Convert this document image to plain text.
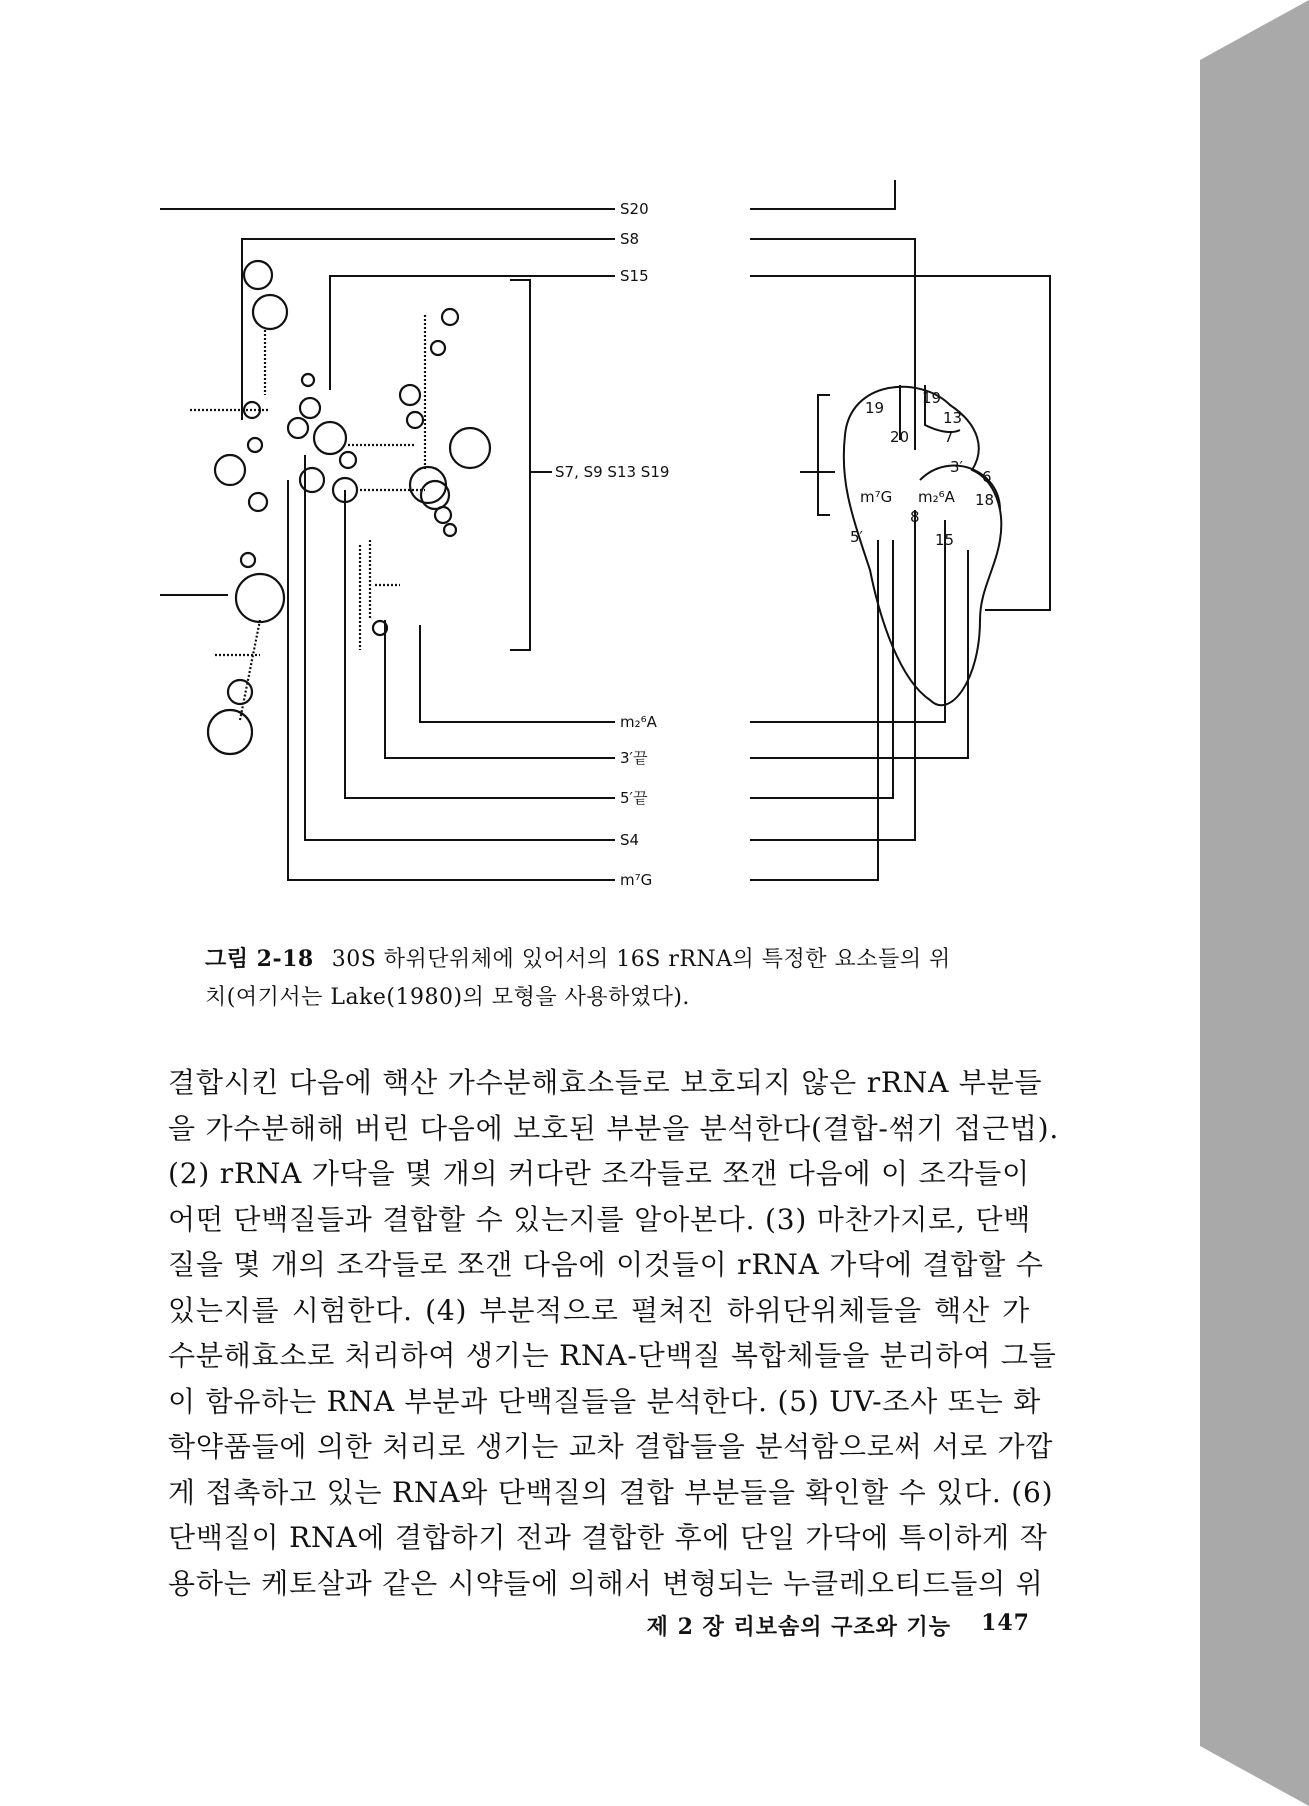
S20
S8
S15
S7, S9 S13 S19
m₂⁶A
3′끝
5′끝
S4
m⁷G
19
19
13
20 7
3′
6
m⁷G m₂⁶A 18
8
5′	15
그림 2-18 30S 하위단위체에 있어서의 16S rRNA의 특정한 요소들의 위
치(여기서는 Lake(1980)의 모형을 사용하였다).

결합시킨 다음에 핵산 가수분해효소들로 보호되지 않은 rRNA 부분들

을 가수분해해 버린 다음에 보호된 부분을 분석한다(결합-썪기 접근법).

(2) rRNA 가닥을 몇 개의 커다란 조각들로 쪼갠 다음에 이 조각들이

어떤 단백질들과 결합할 수 있는지를 알아본다. (3) 마찬가지로, 단백

질을 몇 개의 조각들로 쪼갠 다음에 이것들이 rRNA 가닥에 결합할 수

있는지를 시험한다. (4) 부분적으로 펼쳐진 하위단위체들을 핵산 가

수분해효소로 처리하여 생기는 RNA-단백질 복합체들을 분리하여 그들

이 함유하는 RNA 부분과 단백질들을 분석한다. (5) UV-조사 또는 화

학약품들에 의한 처리로 생기는 교차 결합들을 분석함으로써 서로 가깝

게 접촉하고 있는 RNA와 단백질의 결합 부분들을 확인할 수 있다. (6)

단백질이 RNA에 결합하기 전과 결합한 후에 단일 가닥에 특이하게 작

용하는 케토살과 같은 시약들에 의해서 변형되는 누클레오티드들의 위

제 2 장 리보솜의 구조와 기능 147
